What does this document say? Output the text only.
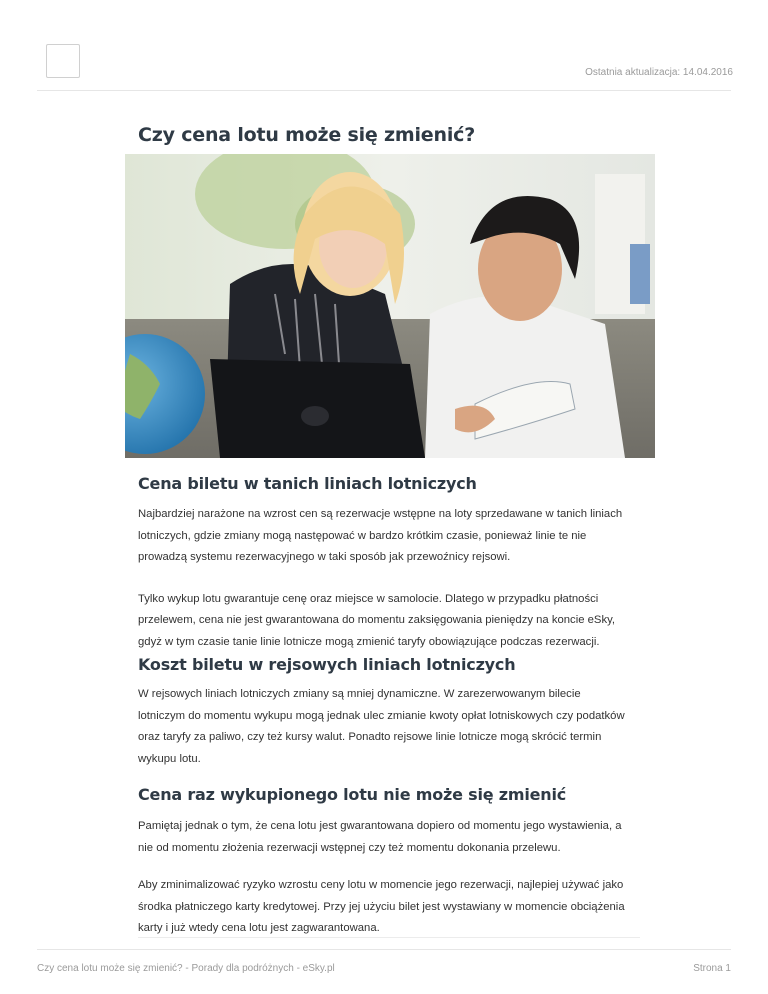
Ostatnia aktualizacja: 14.04.2016
Czy cena lotu może się zmienić?
Cena biletu w tanich liniach lotniczych

Najbardziej narażone na wzrost cen są rezerwacje wstępne na loty sprzedawane w tanich liniach
lotniczych, gdzie zmiany mogą następować w bardzo krótkim czasie, ponieważ linie te nie
prowadzą systemu rezerwacyjnego w taki sposób jak przewoźnicy rejsowi.

Tylko wykup lotu gwarantuje cenę oraz miejsce w samolocie. Dlatego w przypadku płatności
przelewem, cena nie jest gwarantowana do momentu zaksięgowania pieniędzy na koncie eSky,
gdyż w tym czasie tanie linie lotnicze mogą zmienić taryfy obowiązujące podczas rezerwacji.

Koszt biletu w rejsowych liniach lotniczych

W rejsowych liniach lotniczych zmiany są mniej dynamiczne. W zarezerwowanym bilecie
lotniczym do momentu wykupu mogą jednak ulec zmianie kwoty opłat lotniskowych czy podatków
oraz taryfy za paliwo, czy też kursy walut. Ponadto rejsowe linie lotnicze mogą skrócić termin
wykupu lotu.

Cena raz wykupionego lotu nie może się zmienić

Pamiętaj jednak o tym, że cena lotu jest gwarantowana dopiero od momentu jego wystawienia, a
nie od momentu złożenia rezerwacji wstępnej czy też momentu dokonania przelewu.

Aby zminimalizować ryzyko wzrostu ceny lotu w momencie jego rezerwacji, najlepiej używać jako
środka płatniczego karty kredytowej. Przy jej użyciu bilet jest wystawiany w momencie obciążenia
karty i już wtedy cena lotu jest zagwarantowana.

Czy cena lotu może się zmienić? - Porady dla podróżnych - eSky.pl	Strona 1
